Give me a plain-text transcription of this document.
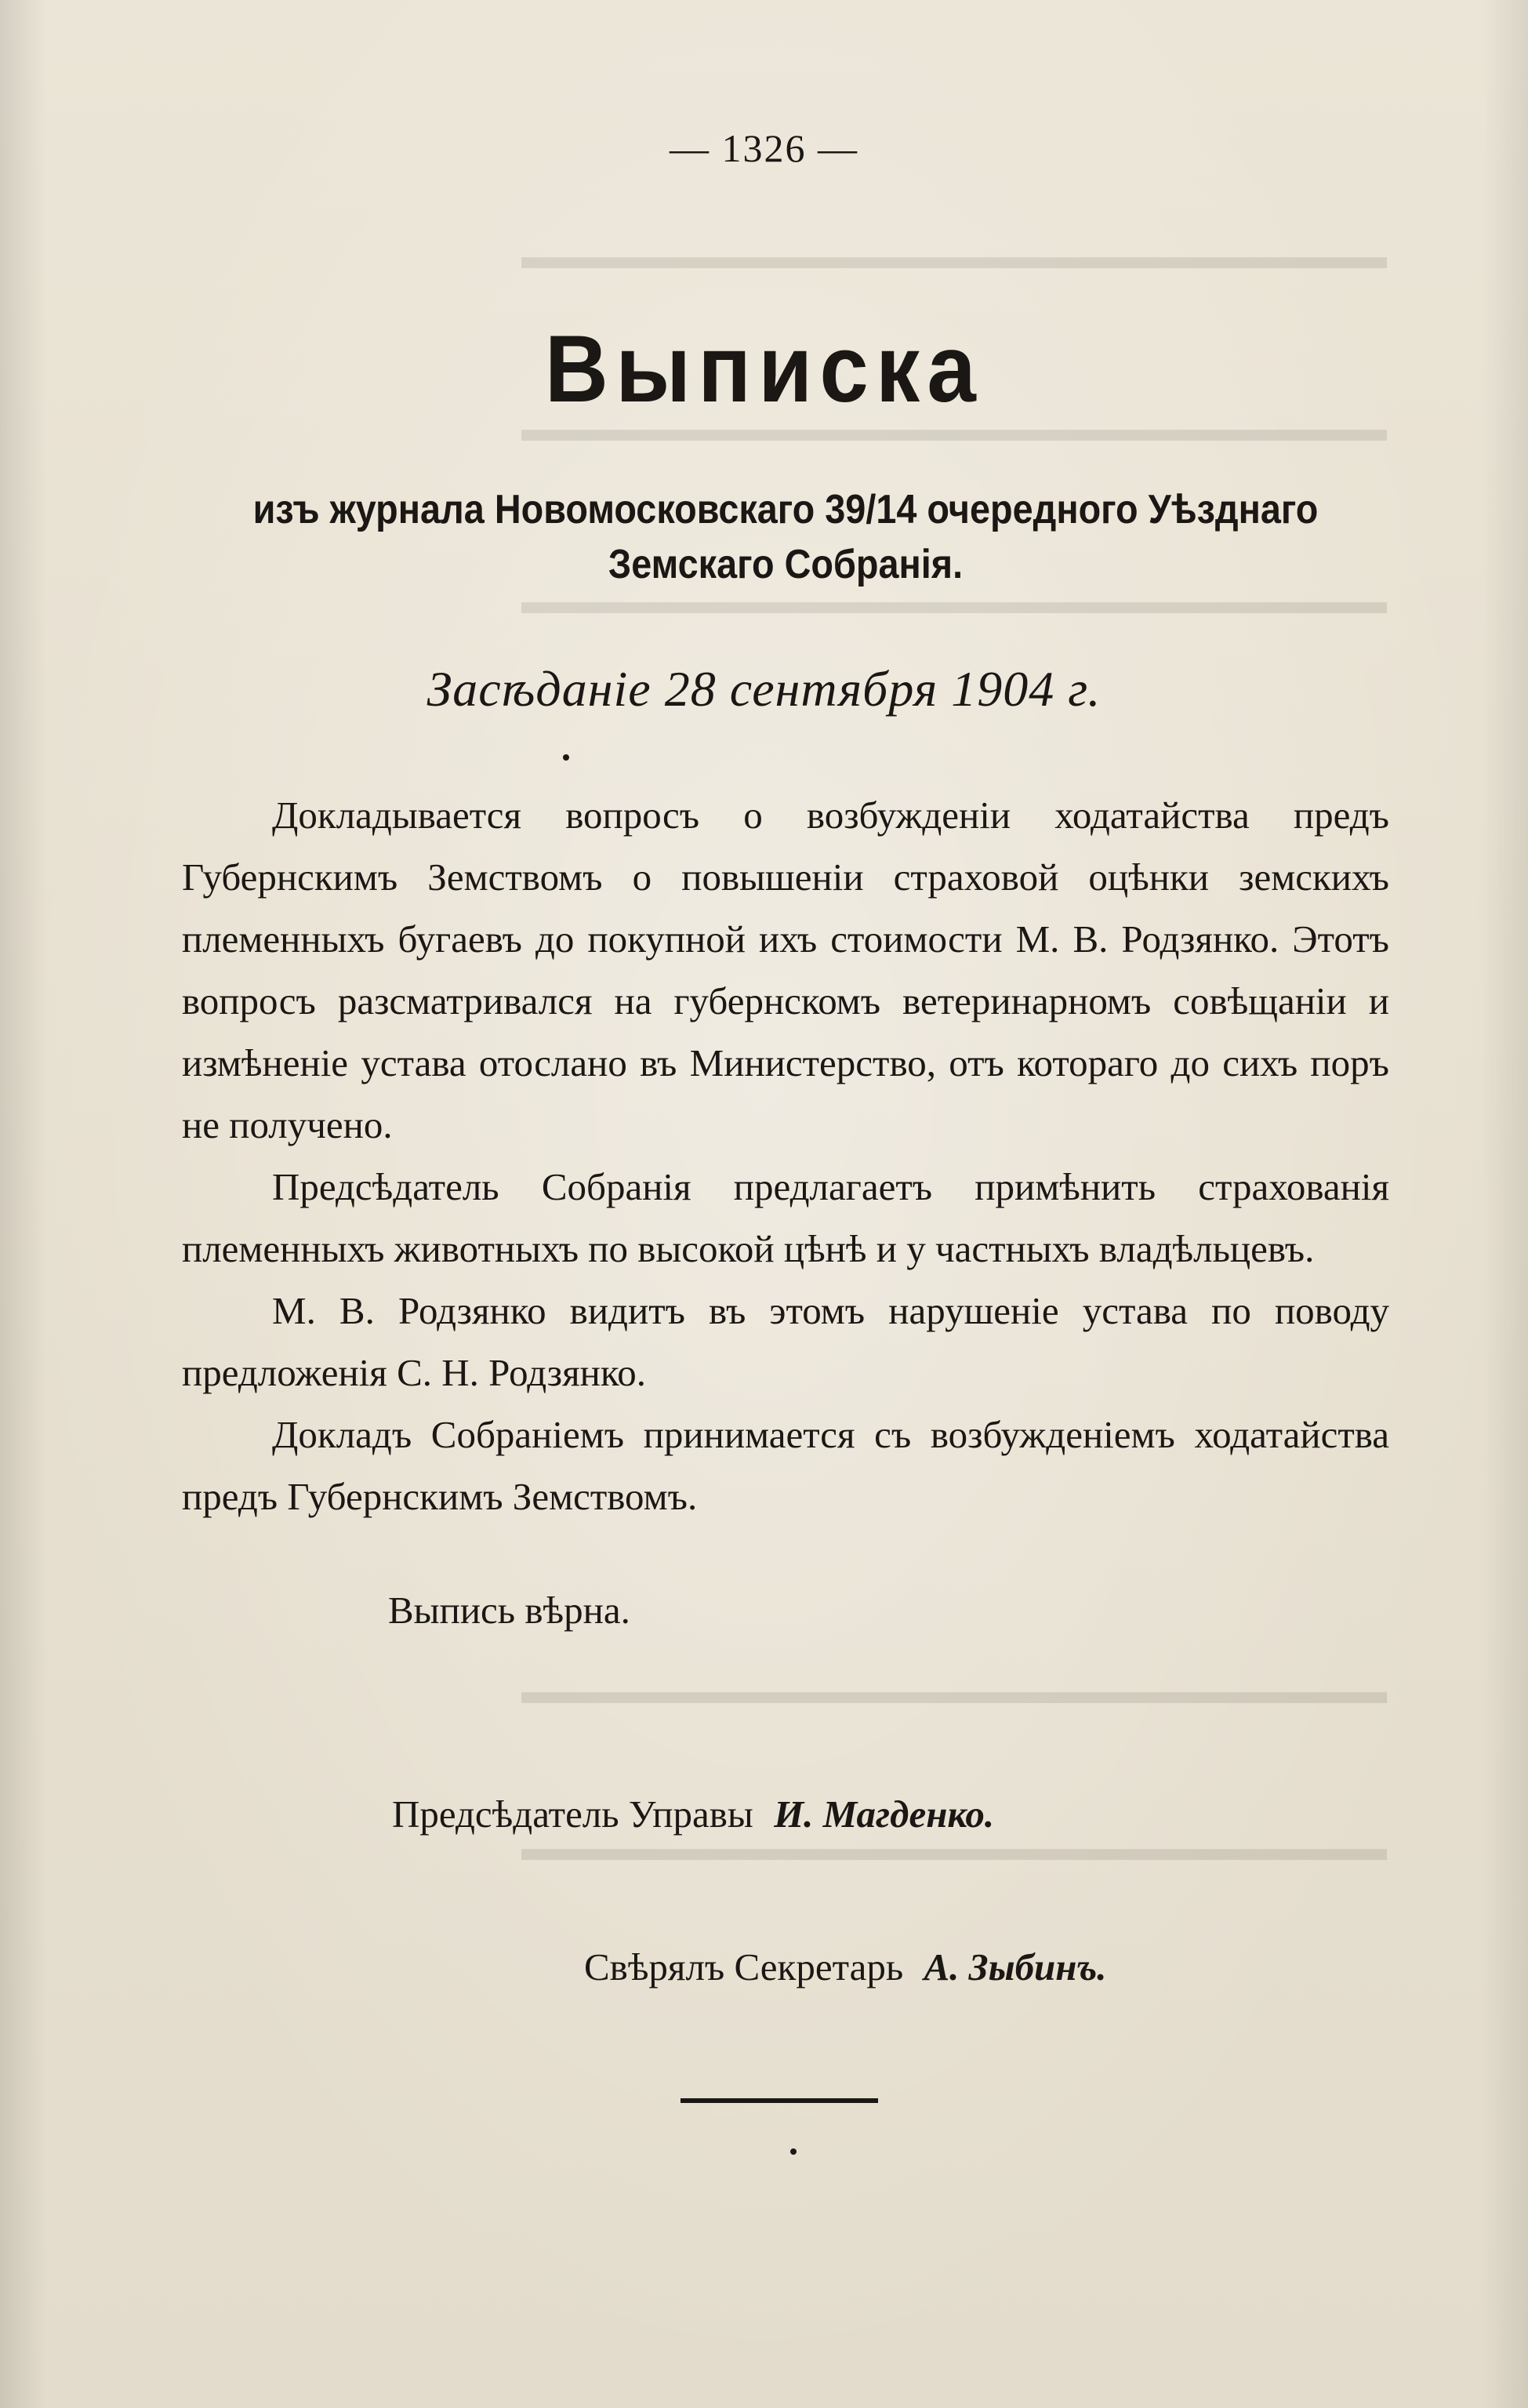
▬▬▬▬▬▬▬▬▬▬▬▬▬▬▬▬▬▬▬▬▬▬▬▬
▬▬▬▬▬▬▬▬▬▬▬▬▬▬▬▬▬▬▬▬▬▬▬▬
▬▬▬▬▬▬▬▬▬▬▬▬▬▬▬▬▬▬▬▬▬▬▬▬
▬▬▬▬▬▬▬▬▬▬▬▬▬▬▬▬▬▬▬▬▬▬▬▬
▬▬▬▬▬▬▬▬▬▬▬▬▬▬▬▬▬▬▬▬▬▬▬▬
— 1326 —
Выписка
изъ журнала Новомосковскаго 39/14 очередного Уѣзднаго
Земскаго Собранія.
Засѣданіе 28 сентября 1904 г.

Докладывается вопросъ о возбужденіи ходатайства предъ Губернскимъ Земствомъ о повышеніи страховой оцѣнки земскихъ племенныхъ бугаевъ до покупной ихъ стоимости М. В. Родзянко. Этотъ вопросъ разсматривался на губернскомъ ветеринарномъ совѣщаніи и измѣненіе устава отослано въ Министерство, отъ котораго до сихъ поръ не получено.

Предсѣдатель Собранія предлагаетъ примѣнить страхованія племенныхъ животныхъ по высокой цѣнѣ и у частныхъ владѣльцевъ.

М. В. Родзянко видитъ въ этомъ нарушеніе устава по поводу предложенія С. Н. Родзянко.

Докладъ Собраніемъ принимается съ возбужденіемъ ходатайства предъ Губернскимъ Земствомъ.

Выпись вѣрна.
Предсѣдатель Управы И. Магденко.
Свѣрялъ Секретарь А. Зыбинъ.
